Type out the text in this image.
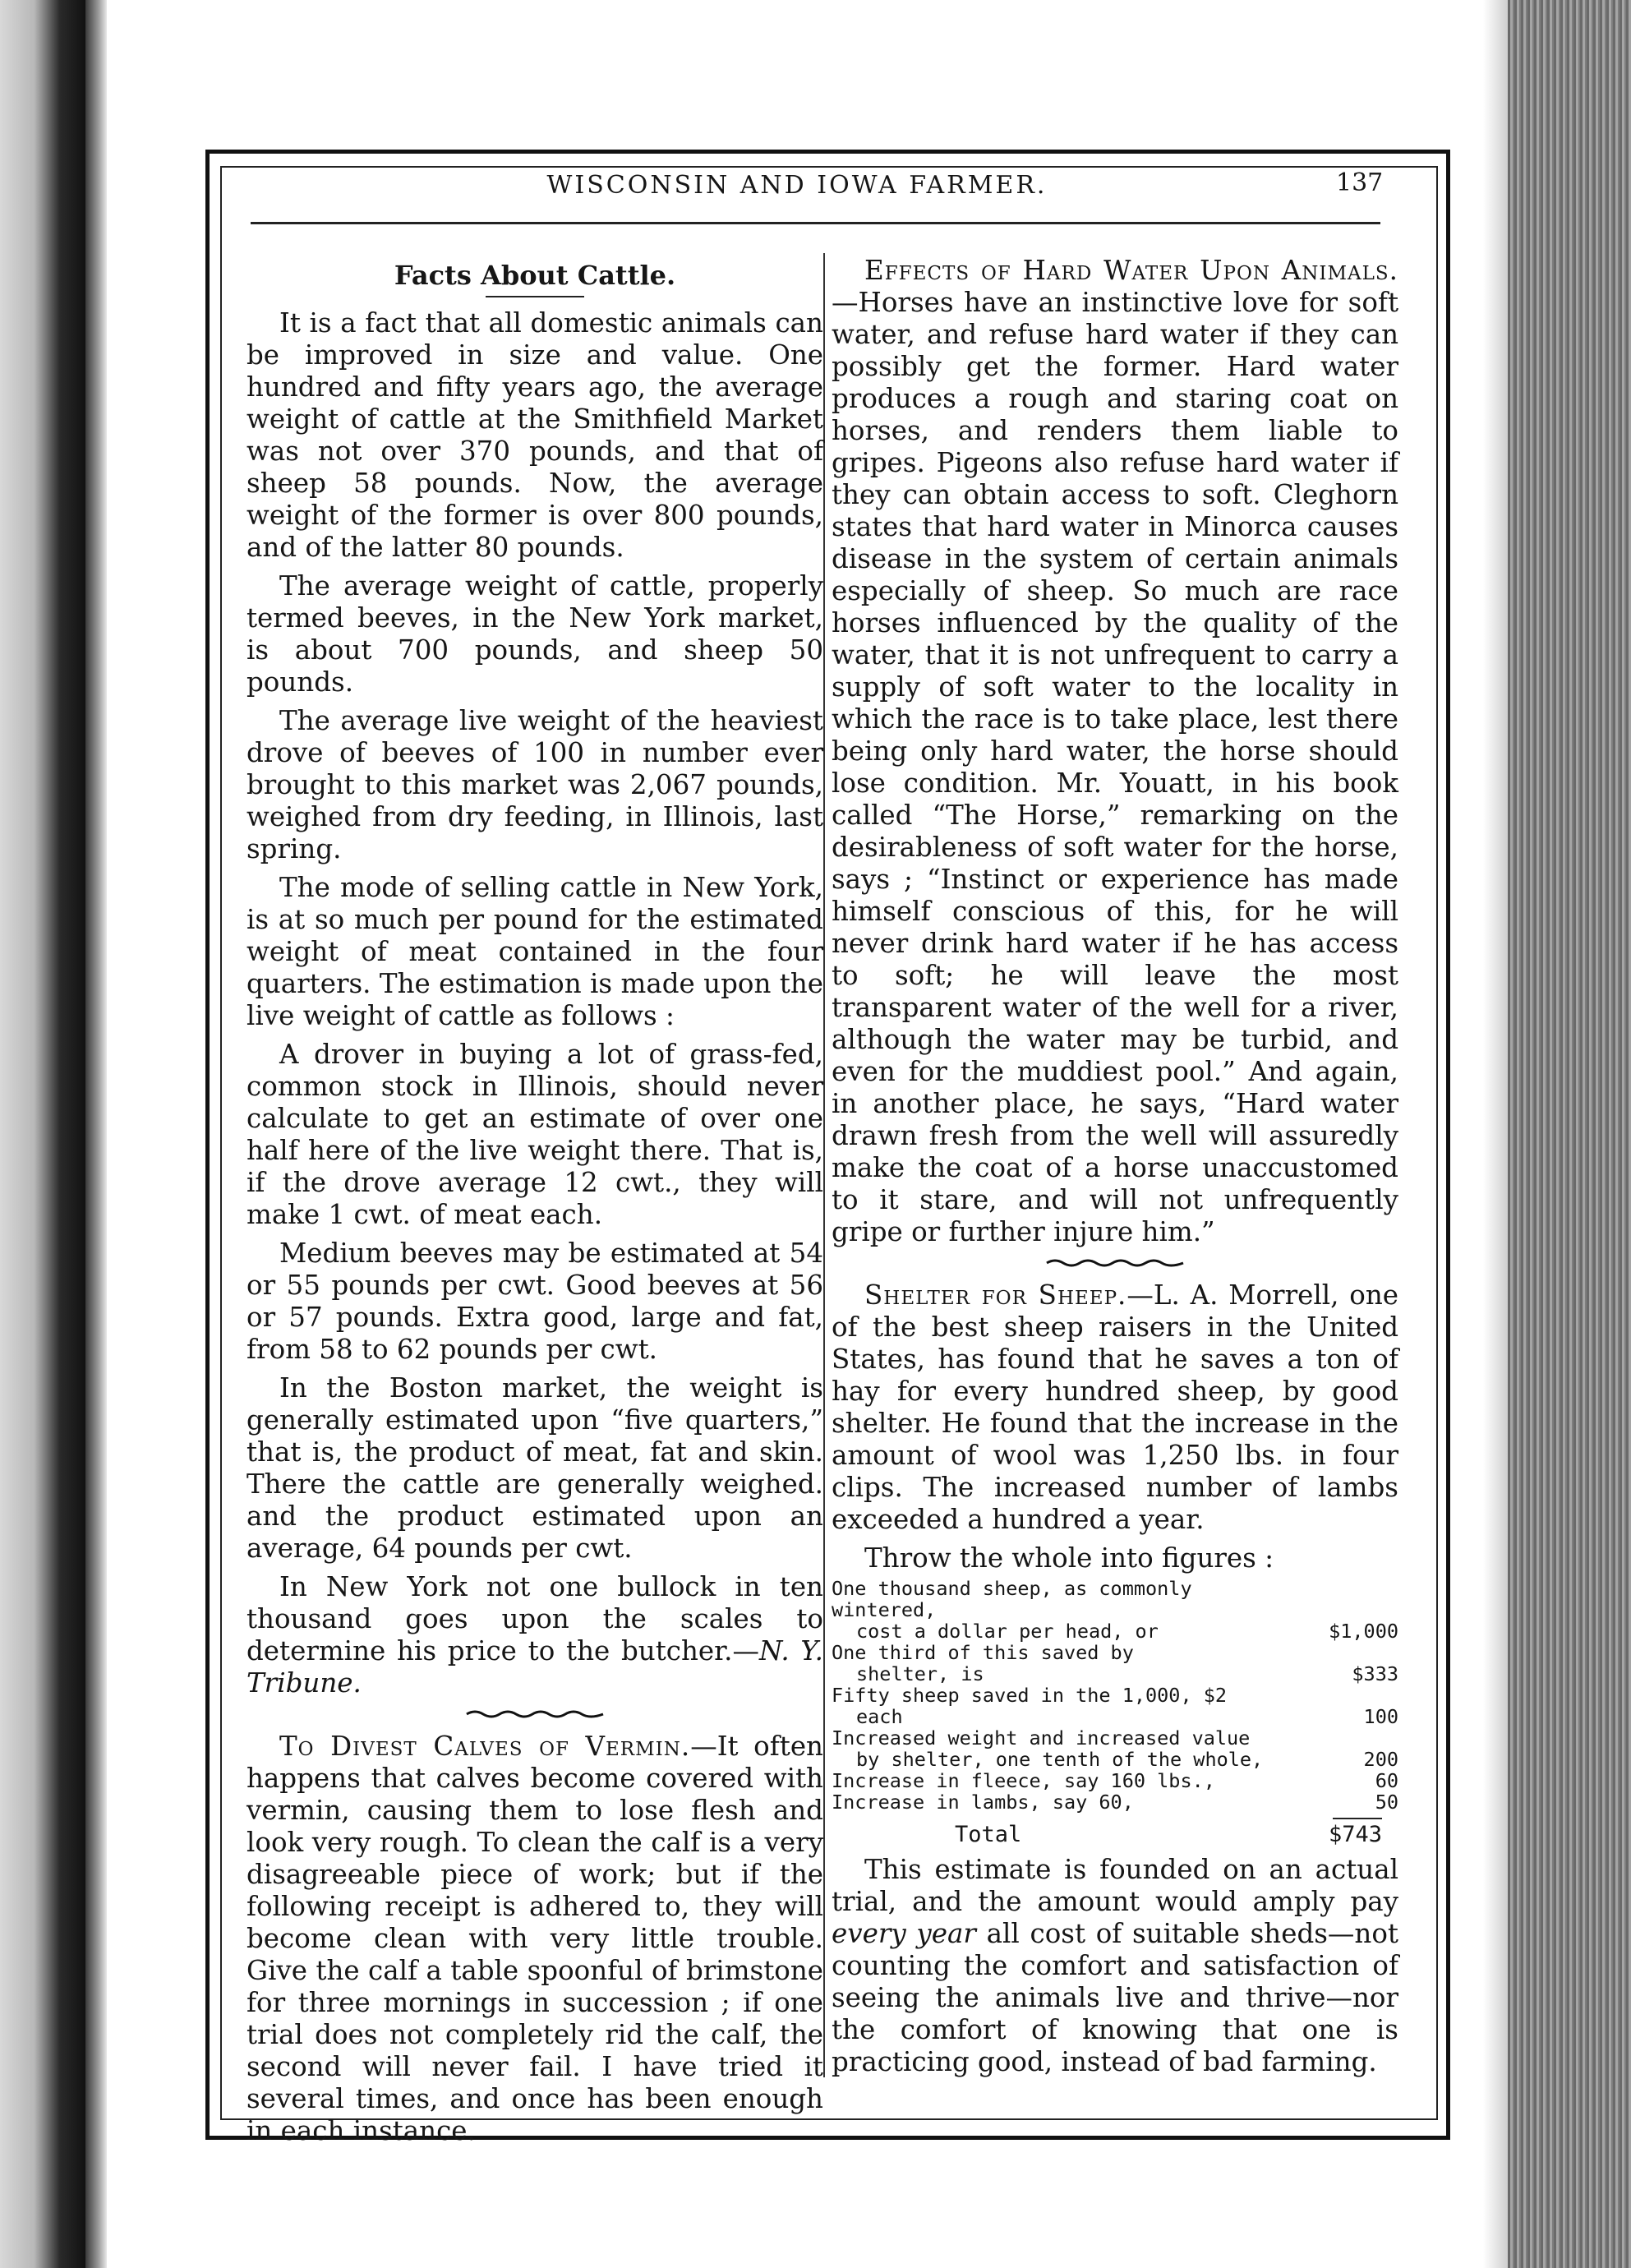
WISCONSIN AND IOWA FARMER.	137
Facts About Cattle.

It is a fact that all domestic animals can be improved in size and value. One hundred and fifty years ago, the average weight of cattle at the Smithfield Market was not over 370 pounds, and that of sheep 58 pounds. Now, the average weight of the former is over 800 pounds, and of the latter 80 pounds.

The average weight of cattle, properly termed beeves, in the New York market, is about 700 pounds, and sheep 50 pounds.

The average live weight of the heaviest drove of beeves of 100 in number ever brought to this market was 2,067 pounds, weighed from dry feeding, in Illinois, last spring.

The mode of selling cattle in New York, is at so much per pound for the estimated weight of meat contained in the four quarters. The estimation is made upon the live weight of cattle as follows :

A drover in buying a lot of grass-fed, common stock in Illinois, should never calculate to get an estimate of over one half here of the live weight there. That is, if the drove average 12 cwt., they will make 1 cwt. of meat each.

Medium beeves may be estimated at 54 or 55 pounds per cwt. Good beeves at 56 or 57 pounds. Extra good, large and fat, from 58 to 62 pounds per cwt.

In the Boston market, the weight is generally estimated upon “five quarters,” that is, the product of meat, fat and skin. There the cattle are generally weighed. and the product estimated upon an average, 64 pounds per cwt.

In New York not one bullock in ten thousand goes upon the scales to determine his price to the butcher.—N. Y. Tribune.

To Divest Calves of Vermin.—It often happens that calves become covered with vermin, causing them to lose flesh and look very rough. To clean the calf is a very disagreeable piece of work; but if the following receipt is adhered to, they will become clean with very little trouble. Give the calf a table spoonful of brimstone for three mornings in succession ; if one trial does not completely rid the calf, the second will never fail. I have tried it several times, and once has been enough in each instance.

Effects of Hard Water Upon Animals.—Horses have an instinctive love for soft water, and refuse hard water if they can possibly get the former. Hard water produces a rough and staring coat on horses, and renders them liable to gripes. Pigeons also refuse hard water if they can obtain access to soft. Cleghorn states that hard water in Minorca causes disease in the system of certain animals especially of sheep. So much are race horses influenced by the quality of the water, that it is not unfrequent to carry a supply of soft water to the locality in which the race is to take place, lest there being only hard water, the horse should lose condition. Mr. Youatt, in his book called “The Horse,” remarking on the desirableness of soft water for the horse, says ; “Instinct or experience has made himself conscious of this, for he will never drink hard water if he has access to soft; he will leave the most transparent water of the well for a river, although the water may be turbid, and even for the muddiest pool.” And again, in another place, he says, “Hard water drawn fresh from the well will assuredly make the coat of a horse unaccustomed to it stare, and will not unfrequently gripe or further injure him.”

Shelter for Sheep.—L. A. Morrell, one of the best sheep raisers in the United States, has found that he saves a ton of hay for every hundred sheep, by good shelter. He found that the increase in the amount of wool was 1,250 lbs. in four clips. The increased number of lambs exceeded a hundred a year.

Throw the whole into figures :

One thousand sheep, as commonly wintered,
cost a dollar per head, or	$1,000
One third of this saved by
shelter, is	$333
Fifty sheep saved in the 1,000, $2
each	100
Increased weight and increased value
by shelter, one tenth of the whole,	200
Increase in fleece, say 160 lbs.,	60
Increase in lambs, say 60,	50
Total	$743

This estimate is founded on an actual trial, and the amount would amply pay every year all cost of suitable sheds—not counting the comfort and satisfaction of seeing the animals live and thrive—nor the comfort of knowing that one is practicing good, instead of bad farming.
